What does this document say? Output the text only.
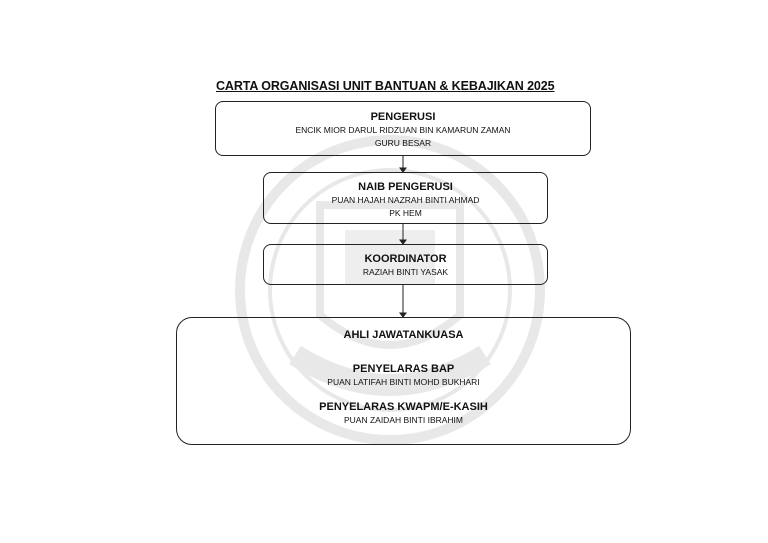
CARTA ORGANISASI UNIT BANTUAN & KEBAJIKAN 2025
PENGERUSI
ENCIK MIOR DARUL RIDZUAN BIN KAMARUN ZAMAN
GURU BESAR
NAIB PENGERUSI
PUAN HAJAH NAZRAH BINTI AHMAD
PK HEM
KOORDINATOR
RAZIAH BINTI YASAK
AHLI JAWATANKUASA
PENYELARAS BAP
PUAN LATIFAH BINTI MOHD BUKHARI
PENYELARAS KWAPM/E-KASIH
PUAN ZAIDAH BINTI IBRAHIM
